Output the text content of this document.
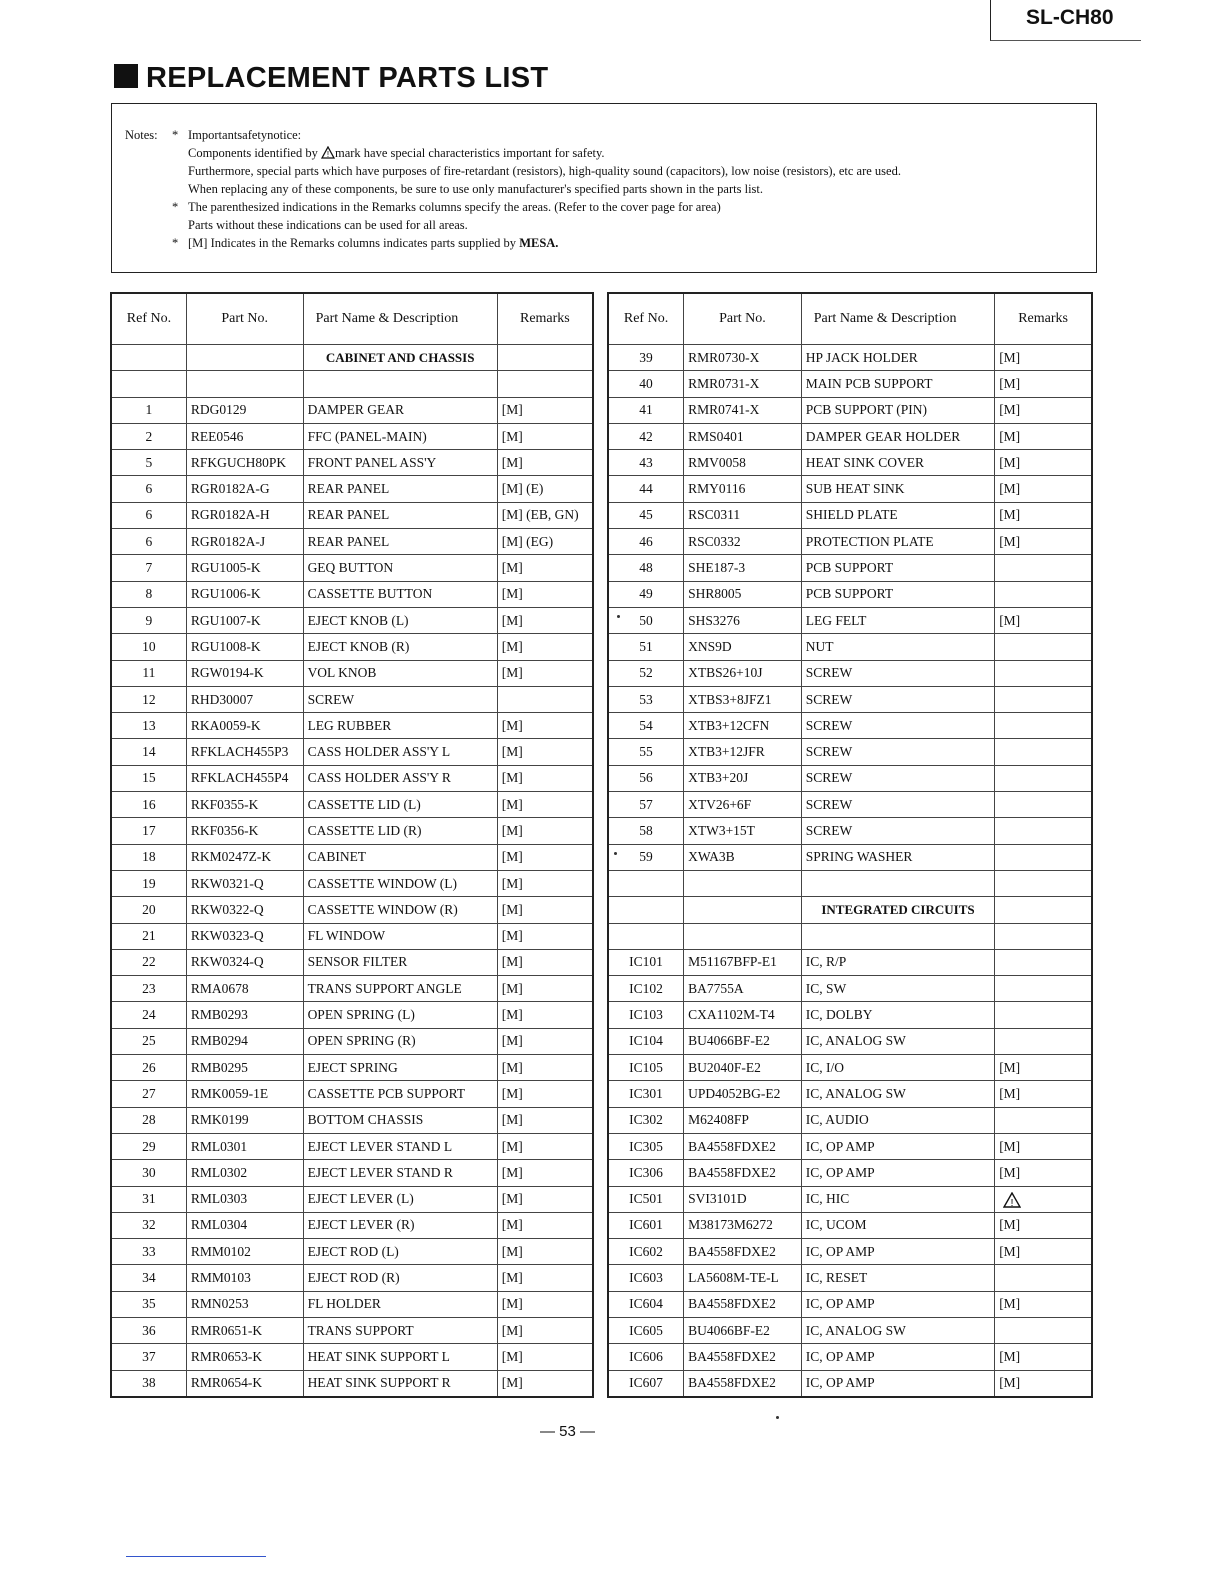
SL-CH80
REPLACEMENT PARTS LIST
Notes: * Importantsafetynotice:
Components identified by ! mark have special characteristics important for safety.
Furthermore, special parts which have purposes of fire-retardant (resistors), high-quality sound (capacitors), low noise (resistors), etc are used.
When replacing any of these components, be sure to use only manufacturer's specified parts shown in the parts list.
* The parenthesized indications in the Remarks columns specify the areas. (Refer to the cover page for area)
Parts without these indications can be used for all areas.
* [M] Indicates in the Remarks columns indicates parts supplied by MESA.
Ref No.	Part No.	Part Name & Description	Remarks
		CABINET AND CHASSIS	

1	RDG0129	DAMPER GEAR	[M]
2	REE0546	FFC (PANEL-MAIN)	[M]
5	RFKGUCH80PK	FRONT PANEL ASS'Y	[M]
6	RGR0182A-G	REAR PANEL	[M] (E)
6	RGR0182A-H	REAR PANEL	[M] (EB, GN)
6	RGR0182A-J	REAR PANEL	[M] (EG)
7	RGU1005-K	GEQ BUTTON	[M]
8	RGU1006-K	CASSETTE BUTTON	[M]
9	RGU1007-K	EJECT KNOB (L)	[M]
10	RGU1008-K	EJECT KNOB (R)	[M]
11	RGW0194-K	VOL KNOB	[M]
12	RHD30007	SCREW	
13	RKA0059-K	LEG RUBBER	[M]
14	RFKLACH455P3	CASS HOLDER ASS'Y L	[M]
15	RFKLACH455P4	CASS HOLDER ASS'Y R	[M]
16	RKF0355-K	CASSETTE LID (L)	[M]
17	RKF0356-K	CASSETTE LID (R)	[M]
18	RKM0247Z-K	CABINET	[M]
19	RKW0321-Q	CASSETTE WINDOW (L)	[M]
20	RKW0322-Q	CASSETTE WINDOW (R)	[M]
21	RKW0323-Q	FL WINDOW	[M]
22	RKW0324-Q	SENSOR FILTER	[M]
23	RMA0678	TRANS SUPPORT ANGLE	[M]
24	RMB0293	OPEN SPRING (L)	[M]
25	RMB0294	OPEN SPRING (R)	[M]
26	RMB0295	EJECT SPRING	[M]
27	RMK0059-1E	CASSETTE PCB SUPPORT	[M]
28	RMK0199	BOTTOM CHASSIS	[M]
29	RML0301	EJECT LEVER STAND L	[M]
30	RML0302	EJECT LEVER STAND R	[M]
31	RML0303	EJECT LEVER (L)	[M]
32	RML0304	EJECT LEVER (R)	[M]
33	RMM0102	EJECT ROD (L)	[M]
34	RMM0103	EJECT ROD (R)	[M]
35	RMN0253	FL HOLDER	[M]
36	RMR0651-K	TRANS SUPPORT	[M]
37	RMR0653-K	HEAT SINK SUPPORT L	[M]
38	RMR0654-K	HEAT SINK SUPPORT R	[M]
Ref No.	Part No.	Part Name & Description	Remarks
39	RMR0730-X	HP JACK HOLDER	[M]
40	RMR0731-X	MAIN PCB SUPPORT	[M]
41	RMR0741-X	PCB SUPPORT (PIN)	[M]
42	RMS0401	DAMPER GEAR HOLDER	[M]
43	RMV0058	HEAT SINK COVER	[M]
44	RMY0116	SUB HEAT SINK	[M]
45	RSC0311	SHIELD PLATE	[M]
46	RSC0332	PROTECTION PLATE	[M]
48	SHE187-3	PCB SUPPORT	
49	SHR8005	PCB SUPPORT	
50	SHS3276	LEG FELT	[M]
51	XNS9D	NUT	
52	XTBS26+10J	SCREW	
53	XTBS3+8JFZ1	SCREW	
54	XTB3+12CFN	SCREW	
55	XTB3+12JFR	SCREW	
56	XTB3+20J	SCREW	
57	XTV26+6F	SCREW	
58	XTW3+15T	SCREW	
59	XWA3B	SPRING WASHER	

		INTEGRATED CIRCUITS	

IC101	M51167BFP-E1	IC, R/P	
IC102	BA7755A	IC, SW	
IC103	CXA1102M-T4	IC, DOLBY	
IC104	BU4066BF-E2	IC, ANALOG SW	
IC105	BU2040F-E2	IC, I/O	[M]
IC301	UPD4052BG-E2	IC, ANALOG SW	[M]
IC302	M62408FP	IC, AUDIO	
IC305	BA4558FDXE2	IC, OP AMP	[M]
IC306	BA4558FDXE2	IC, OP AMP	[M]
IC501	SVI3101D	IC, HIC	!

IC601	M38173M6272	IC, UCOM	[M]
IC602	BA4558FDXE2	IC, OP AMP	[M]
IC603	LA5608M-TE-L	IC, RESET	
IC604	BA4558FDXE2	IC, OP AMP	[M]
IC605	BU4066BF-E2	IC, ANALOG SW	
IC606	BA4558FDXE2	IC, OP AMP	[M]
IC607	BA4558FDXE2	IC, OP AMP	[M]
— 53 —
